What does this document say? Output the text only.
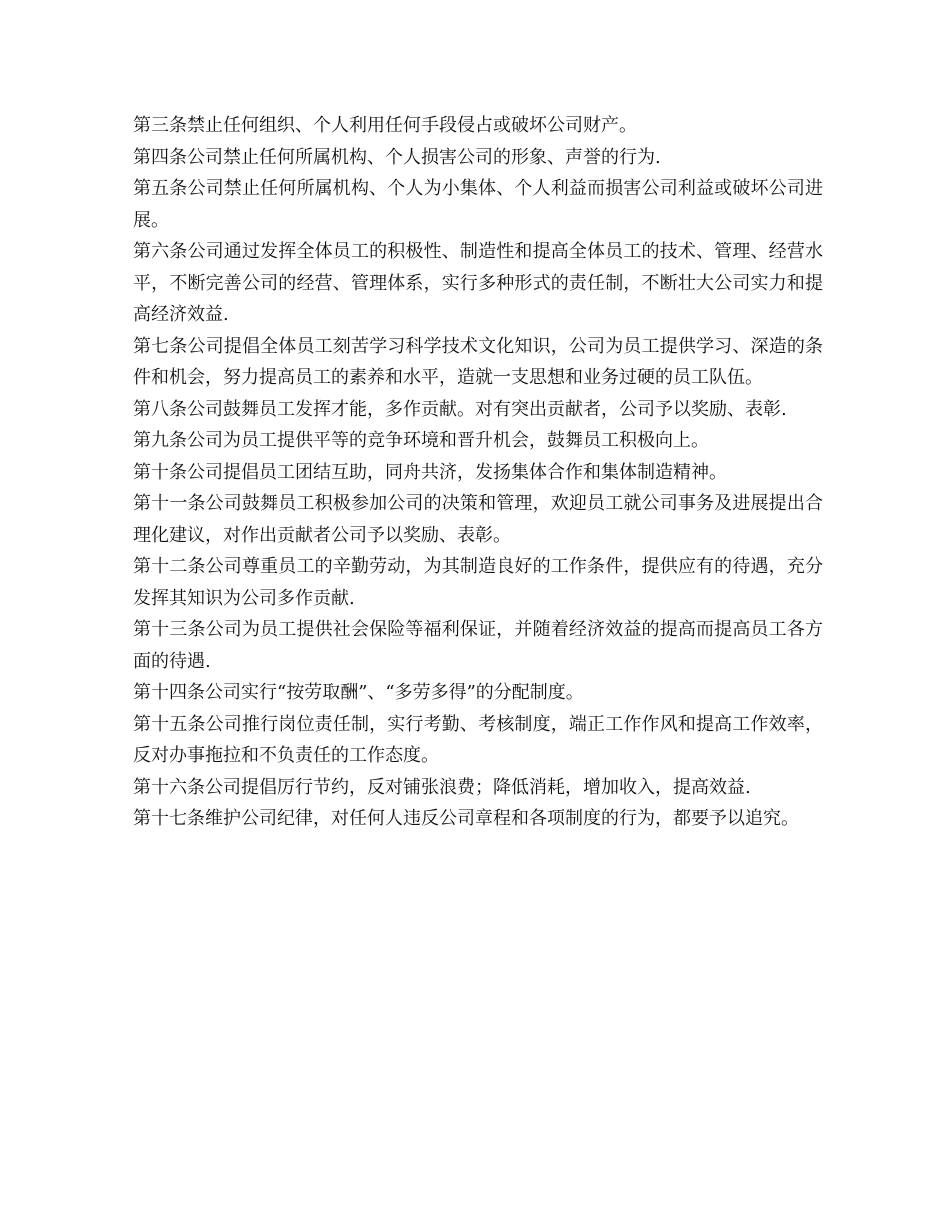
第三条禁止任何组织、个人利用任何手段侵占或破坏公司财产。

第四条公司禁止任何所属机构、个人损害公司的形象、声誉的行为.

第五条公司禁止任何所属机构、个人为小集体、个人利益而损害公司利益或破坏公司进展。

第六条公司通过发挥全体员工的积极性、制造性和提高全体员工的技术、管理、经营水平，不断完善公司的经营、管理体系，实行多种形式的责任制，不断壮大公司实力和提高经济效益.

第七条公司提倡全体员工刻苦学习科学技术文化知识，公司为员工提供学习、深造的条件和机会，努力提高员工的素养和水平，造就一支思想和业务过硬的员工队伍。

第八条公司鼓舞员工发挥才能，多作贡献。对有突出贡献者，公司予以奖励、表彰.

第九条公司为员工提供平等的竞争环境和晋升机会，鼓舞员工积极向上。

第十条公司提倡员工团结互助，同舟共济，发扬集体合作和集体制造精神。

第十一条公司鼓舞员工积极参加公司的决策和管理，欢迎员工就公司事务及进展提出合理化建议，对作出贡献者公司予以奖励、表彰。

第十二条公司尊重员工的辛勤劳动，为其制造良好的工作条件，提供应有的待遇，充分发挥其知识为公司多作贡献.

第十三条公司为员工提供社会保险等福利保证，并随着经济效益的提高而提高员工各方面的待遇.

第十四条公司实行“按劳取酬”、“多劳多得”的分配制度。

第十五条公司推行岗位责任制，实行考勤、考核制度，端正工作作风和提高工作效率，反对办事拖拉和不负责任的工作态度。

第十六条公司提倡厉行节约，反对铺张浪费；降低消耗，增加收入，提高效益.

第十七条维护公司纪律，对任何人违反公司章程和各项制度的行为，都要予以追究。
